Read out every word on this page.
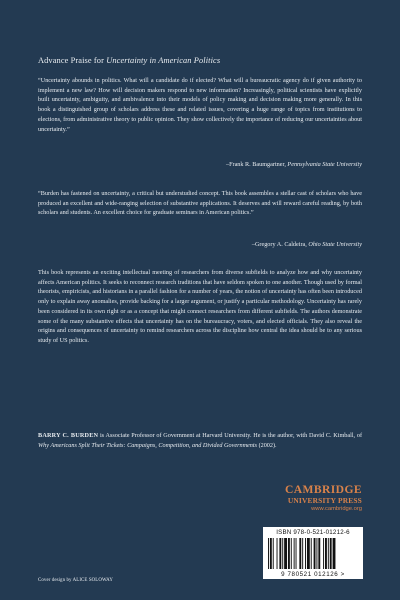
Advance Praise for Uncertainty in American Politics
“Uncertainty abounds in politics. What will a candidate do if elected? What will a bureaucratic agency do if given authority to implement a new law? How will decision makers respond to new information? Increasingly, political scientists have explicitly built uncertainty, ambiguity, and ambivalence into their models of policy making and decision making more generally. In this book a distinguished group of scholars address these and related issues, covering a huge range of topics from institutions to elections, from administrative theory to public opinion. They show collectively the importance of reducing our uncertainties about uncertainty.”
–Frank R. Baumgartner, Pennsylvania State University
“Burden has fastened on uncertainty, a critical but understudied concept. This book assembles a stellar cast of scholars who have produced an excellent and wide-ranging selection of substantive applications. It deserves and will reward careful reading, by both scholars and students. An excellent choice for graduate seminars in American politics.”
–Gregory A. Caldeira, Ohio State University
This book represents an exciting intellectual meeting of researchers from diverse subfields to analyze how and why uncertainty affects American politics. It seeks to reconnect research traditions that have seldom spoken to one another. Though used by formal theorists, empiricists, and historians in a parallel fashion for a number of years, the notion of uncertainty has often been introduced only to explain away anomalies, provide backing for a larger argument, or justify a particular methodology. Uncertainty has rarely been considered in its own right or as a concept that might connect researchers from different subfields. The authors demonstrate some of the many substantive effects that uncertainty has on the bureaucracy, voters, and elected officials. They also reveal the origins and consequences of uncertainty to remind researchers across the discipline how central the idea should be to any serious study of US politics.
BARRY C. BURDEN is Associate Professor of Government at Harvard University. He is the author, with David C. Kimball, of Why Americans Split Their Tickets: Campaigns, Competition, and Divided Governments (2002).
CAMBRIDGE
UNIVERSITY PRESS
www.cambridge.org
ISBN 978-0-521-01212-6
9 780521 012126 >
Cover design by ALICE SOLOWAY
